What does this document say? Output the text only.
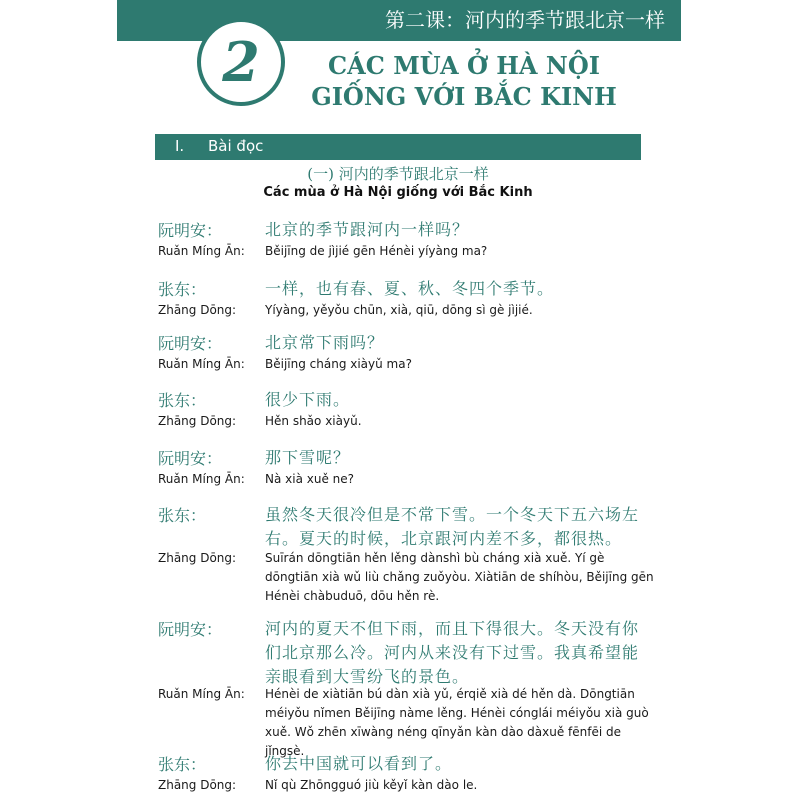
第二课：河内的季节跟北京一样
2	CÁC MÙA Ở HÀ NỘI
GIỐNG VỚI BẮC KINH
I. Bài đọc
(一) 河内的季节跟北京一样
Các mùa ở Hà Nội giống với Bắc Kinh
阮明安：	北京的季节跟河内一样吗？
Ruǎn Míng Ān: Běijīng de jìjié gēn Hénèi yíyàng ma?
张东：	一样，也有春、夏、秋、冬四个季节。
Zhāng Dōng: Yíyàng, yěyǒu chūn, xià, qiū, dōng sì gè jìjié.
阮明安：	北京常下雨吗？
Ruǎn Míng Ān: Běijīng cháng xiàyǔ ma?
张东：	很少下雨。
Zhāng Dōng: Hěn shǎo xiàyǔ.
阮明安：	那下雪呢？
Ruǎn Míng Ān: Nà xià xuě ne?
张东：	虽然冬天很冷但是不常下雪。一个冬天下五六场左右。夏天的时候，北京跟河内差不多，都很热。
Zhāng Dōng: Suīrán dōngtiān hěn lěng dànshì bù cháng xià xuě. Yí gè dōngtiān xià wǔ liù chǎng zuǒyòu. Xiàtiān de shíhòu, Běijīng gēn Hénèi chàbuduō, dōu hěn rè.
阮明安：	河内的夏天不但下雨，而且下得很大。冬天没有你们北京那么冷。河内从来没有下过雪。我真希望能亲眼看到大雪纷飞的景色。
Ruǎn Míng Ān: Hénèi de xiàtiān bú dàn xià yǔ, érqiě xià dé hěn dà. Dōngtiān méiyǒu nǐmen Běijīng nàme lěng. Hénèi cónglái méiyǒu xià guò xuě. Wǒ zhēn xīwàng néng qīnyǎn kàn dào dàxuě fēnfēi de jǐngsè.
张东：	你去中国就可以看到了。
Zhāng Dōng: Nǐ qù Zhōngguó jiù kěyǐ kàn dào le.
